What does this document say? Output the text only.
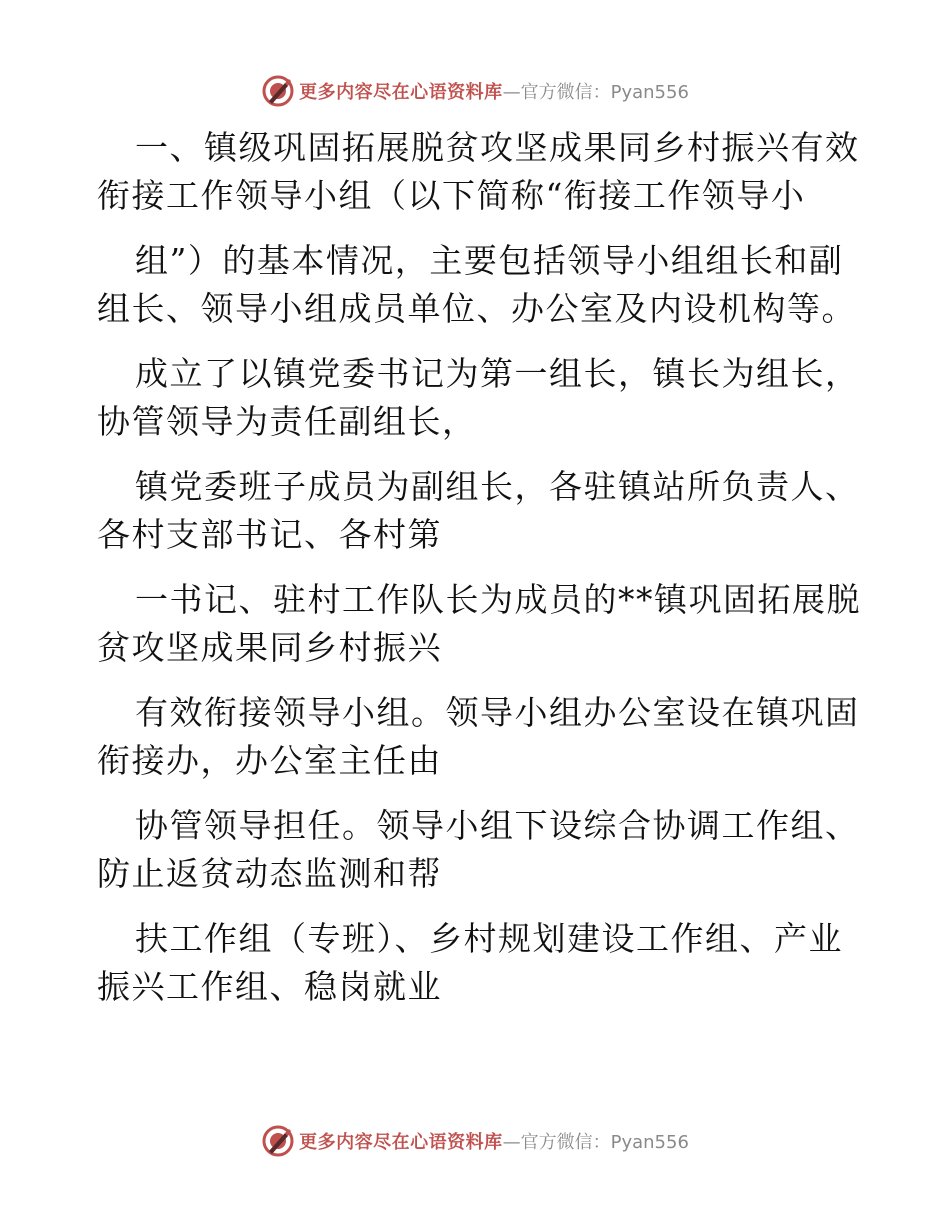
更多内容尽在心语资料库 —官方微信：Pyan556
一、镇级巩固拓展脱贫攻坚成果同乡村振兴有效
衔接工作领导小组（以下简称“衔接工作领导小
组”）的基本情况，主要包括领导小组组长和副
组长、领导小组成员单位、办公室及内设机构等。
成立了以镇党委书记为第一组长，镇长为组长，
协管领导为责任副组长，
镇党委班子成员为副组长，各驻镇站所负责人、
各村支部书记、各村第
一书记、驻村工作队长为成员的**镇巩固拓展脱
贫攻坚成果同乡村振兴
有效衔接领导小组。领导小组办公室设在镇巩固
衔接办，办公室主任由
协管领导担任。领导小组下设综合协调工作组、
防止返贫动态监测和帮
扶工作组（专班）、乡村规划建设工作组、产业
振兴工作组、稳岗就业
更多内容尽在心语资料库 —官方微信：Pyan556
